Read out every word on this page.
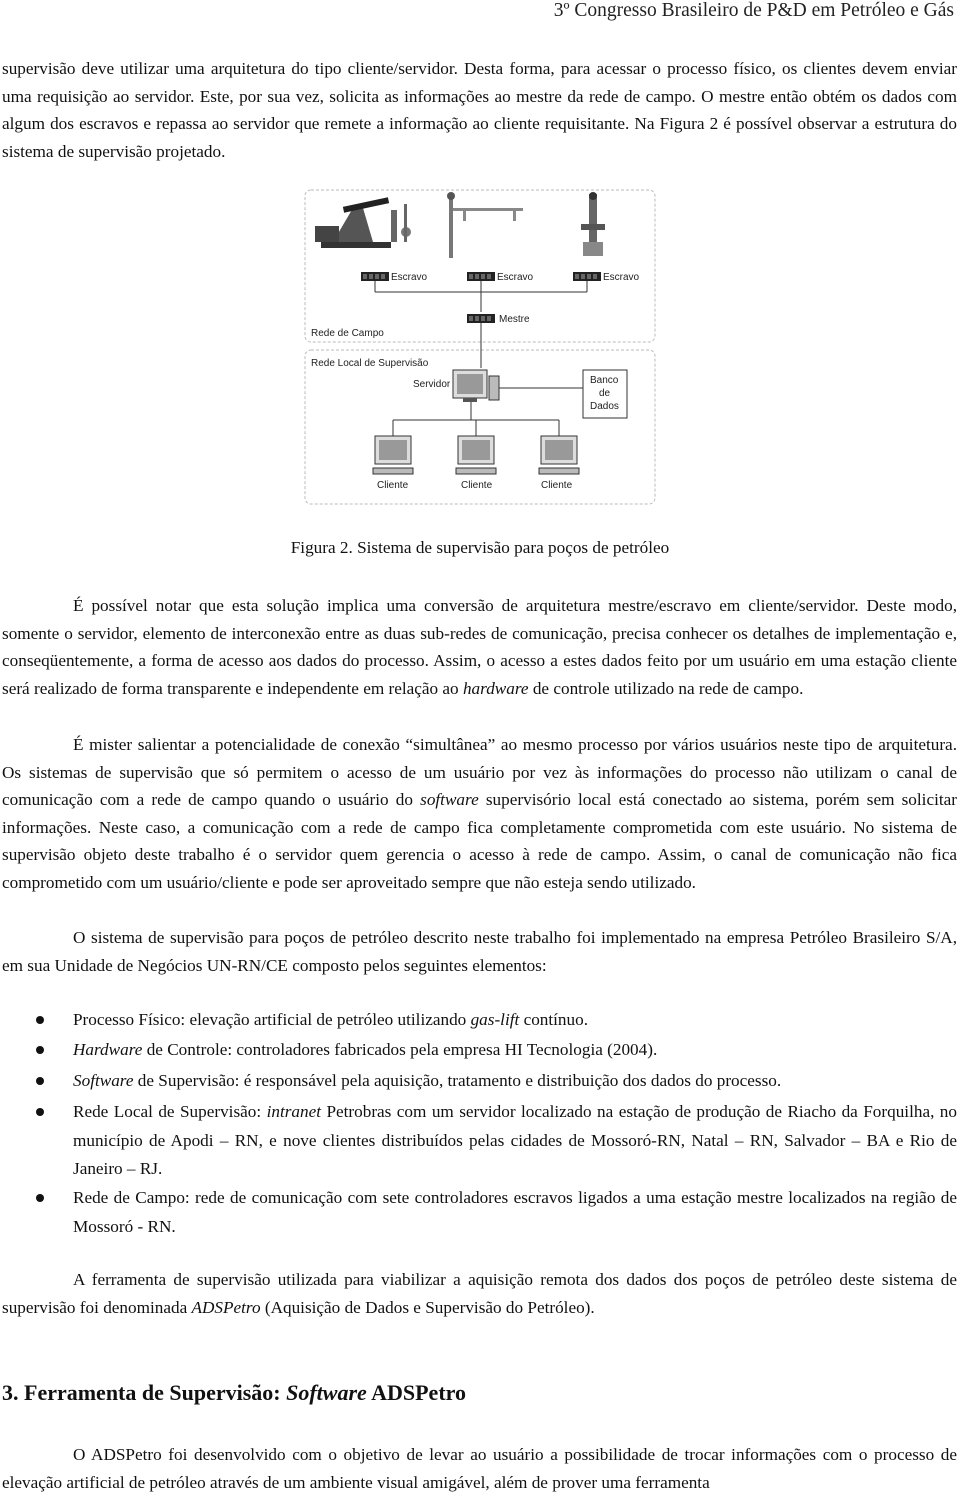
3º Congresso Brasileiro de P&D em Petróleo e Gás

supervisão deve utilizar uma arquitetura do tipo cliente/servidor. Desta forma, para acessar o processo físico, os clientes devem enviar uma requisição ao servidor. Este, por sua vez, solicita as informações ao mestre da rede de campo. O mestre então obtém os dados com algum dos escravos e repassa ao servidor que remete a informação ao cliente requisitante. Na Figura 2 é possível observar a estrutura do sistema de supervisão projetado.

Escravo	Escravo	Escravo
Mestre
Rede de Campo
Rede Local de Supervisão
Servidor	Banco
de
Dados
Cliente	Cliente	Cliente
Figura 2. Sistema de supervisão para poços de petróleo

É possível notar que esta solução implica uma conversão de arquitetura mestre/escravo em cliente/servidor. Deste modo, somente o servidor, elemento de interconexão entre as duas sub-redes de comunicação, precisa conhecer os detalhes de implementação e, conseqüentemente, a forma de acesso aos dados do processo. Assim, o acesso a estes dados feito por um usuário em uma estação cliente será realizado de forma transparente e independente em relação ao hardware de controle utilizado na rede de campo.

É mister salientar a potencialidade de conexão “simultânea” ao mesmo processo por vários usuários neste tipo de arquitetura. Os sistemas de supervisão que só permitem o acesso de um usuário por vez às informações do processo não utilizam o canal de comunicação com a rede de campo quando o usuário do software supervisório local está conectado ao sistema, porém sem solicitar informações. Neste caso, a comunicação com a rede de campo fica completamente comprometida com este usuário. No sistema de supervisão objeto deste trabalho é o servidor quem gerencia o acesso à rede de campo. Assim, o canal de comunicação não fica comprometido com um usuário/cliente e pode ser aproveitado sempre que não esteja sendo utilizado.

O sistema de supervisão para poços de petróleo descrito neste trabalho foi implementado na empresa Petróleo Brasileiro S/A, em sua Unidade de Negócios UN-RN/CE composto pelos seguintes elementos:

Processo Físico: elevação artificial de petróleo utilizando gas-lift contínuo.
Hardware de Controle: controladores fabricados pela empresa HI Tecnologia (2004).
Software de Supervisão: é responsável pela aquisição, tratamento e distribuição dos dados do processo.
Rede Local de Supervisão: intranet Petrobras com um servidor localizado na estação de produção de Riacho da Forquilha, no município de Apodi – RN, e nove clientes distribuídos pelas cidades de Mossoró-RN, Natal – RN, Salvador – BA e Rio de Janeiro – RJ.
Rede de Campo: rede de comunicação com sete controladores escravos ligados a uma estação mestre localizados na região de Mossoró - RN.

A ferramenta de supervisão utilizada para viabilizar a aquisição remota dos dados dos poços de petróleo deste sistema de supervisão foi denominada ADSPetro (Aquisição de Dados e Supervisão do Petróleo).

3. Ferramenta de Supervisão: Software ADSPetro

O ADSPetro foi desenvolvido com o objetivo de levar ao usuário a possibilidade de trocar informações com o processo de elevação artificial de petróleo através de um ambiente visual amigável, além de prover uma ferramenta
